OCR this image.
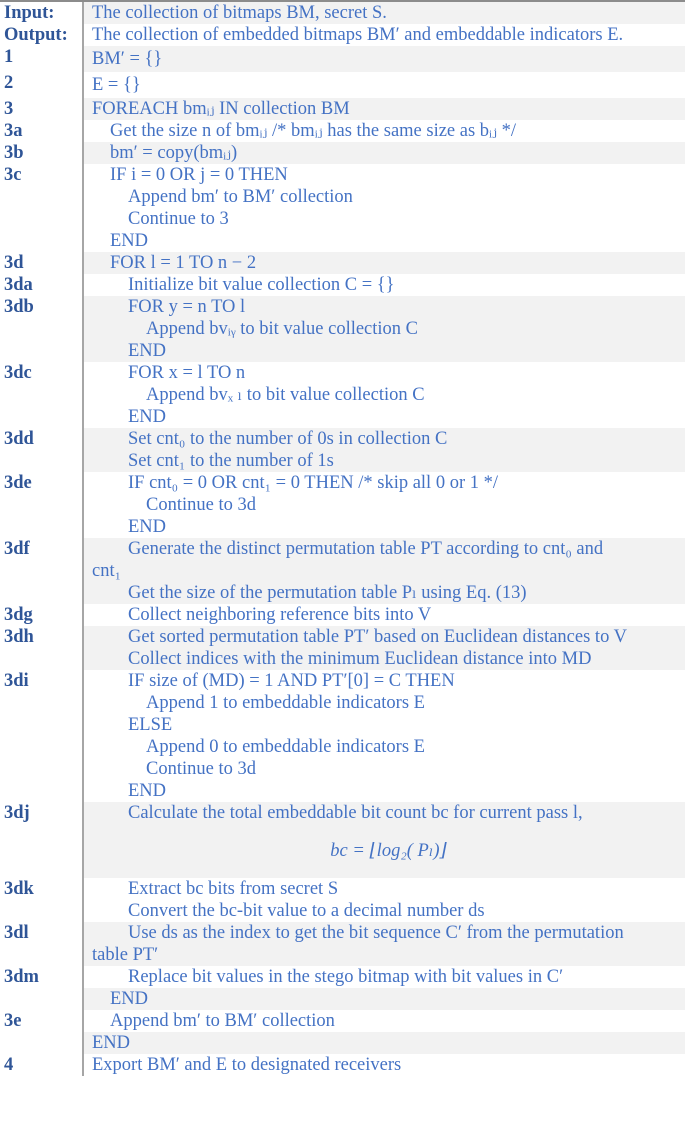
Input:	The collection of bitmaps BM, secret S.
Output:	The collection of embedded bitmaps BM′ and embeddable indicators E.
1	BM′ = {}
2	E = {}
3	FOREACH bmᵢⱼ IN collection BM
3a	Get the size n of bmᵢⱼ /* bmᵢⱼ has the same size as bᵢⱼ */
3b	bm′ = copy(bmᵢⱼ)
3c	IF i = 0 OR j = 0 THEN
Append bm′ to BM′ collection
Continue to 3
END
3d	FOR l = 1 TO n − 2
3da	Initialize bit value collection C = {}
3db	FOR y = n TO l
Append bvᵢᵧ to bit value collection C
END
3dc	FOR x = l TO n
Append bvₓ ₗ to bit value collection C
END
3dd	Set cnt₀ to the number of 0s in collection C
Set cnt₁ to the number of 1s
3de	IF cnt₀ = 0 OR cnt₁ = 0 THEN /* skip all 0 or 1 */
Continue to 3d
END
3df	Generate the distinct permutation table PT according to cnt₀ and
cnt₁
Get the size of the permutation table Pₗ using Eq. (13)
3dg	Collect neighboring reference bits into V
3dh	Get sorted permutation table PT′ based on Euclidean distances to V
Collect indices with the minimum Euclidean distance into MD
3di	IF size of (MD) = 1 AND PT′[0] = C THEN
Append 1 to embeddable indicators E
ELSE
Append 0 to embeddable indicators E
Continue to 3d
END
3dj	Calculate the total embeddable bit count bc for current pass l,
bc = ⌊log₂( Pₗ)⌋
3dk	Extract bc bits from secret S
Convert the bc-bit value to a decimal number ds
3dl	Use ds as the index to get the bit sequence C′ from the permutation
table PT′
3dm	Replace bit values in the stego bitmap with bit values in C′
END
3e	Append bm′ to BM′ collection
END
4	Export BM′ and E to designated receivers
